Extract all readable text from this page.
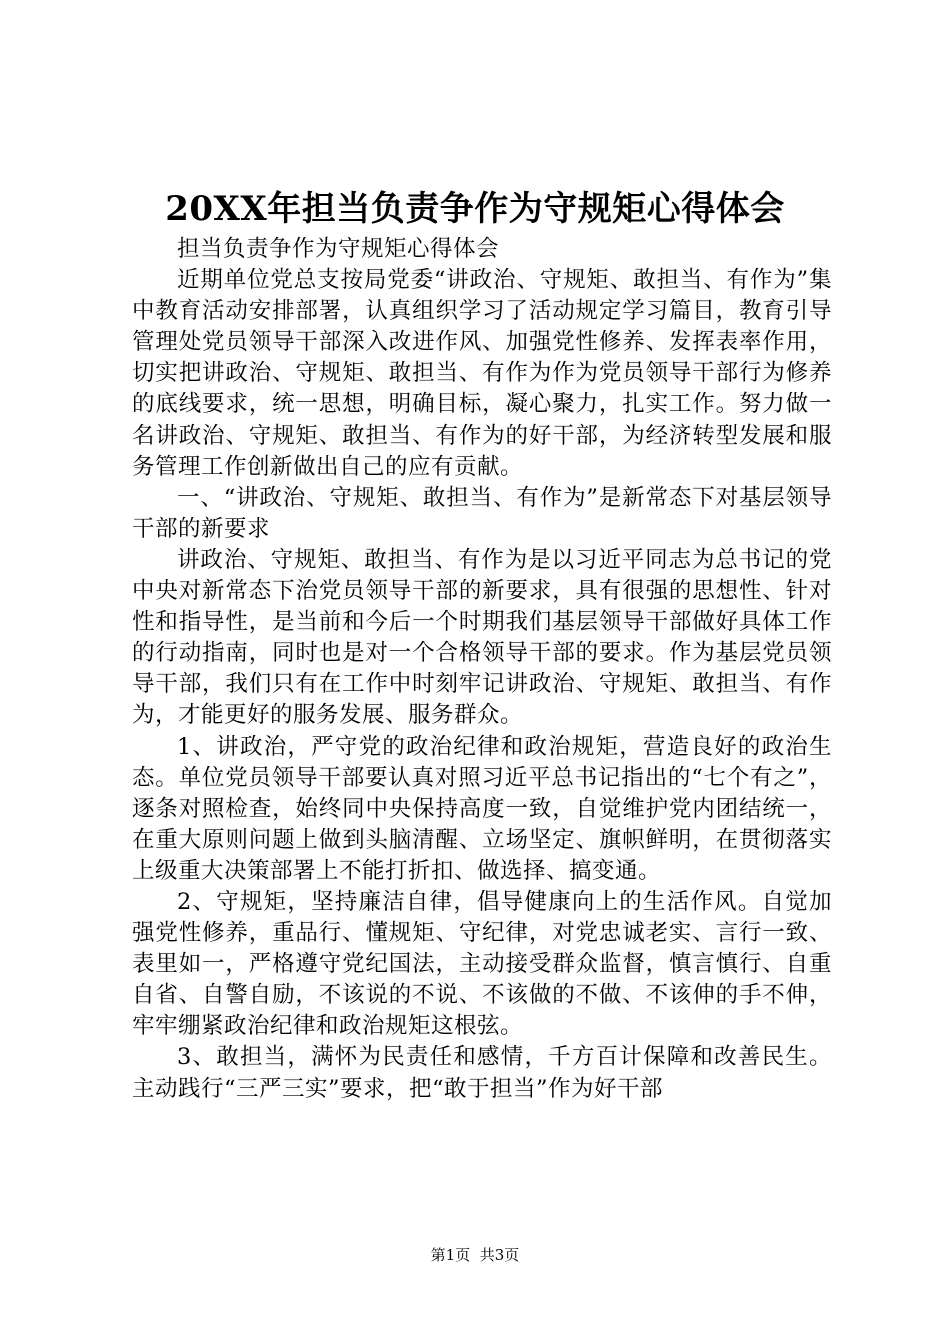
20XX年担当负责争作为守规矩心得体会

担当负责争作为守规矩心得体会

近期单位党总支按局党委“讲政治、守规矩、敢担当、有作为”集中教育活动安排部署，认真组织学习了活动规定学习篇目，教育引导管理处党员领导干部深入改进作风、加强党性修养、发挥表率作用，切实把讲政治、守规矩、敢担当、有作为作为党员领导干部行为修养的底线要求，统一思想，明确目标，凝心聚力，扎实工作。努力做一名讲政治、守规矩、敢担当、有作为的好干部，为经济转型发展和服务管理工作创新做出自己的应有贡献。

一、“讲政治、守规矩、敢担当、有作为”是新常态下对基层领导干部的新要求

讲政治、守规矩、敢担当、有作为是以习近平同志为总书记的党中央对新常态下治党员领导干部的新要求，具有很强的思想性、针对性和指导性，是当前和今后一个时期我们基层领导干部做好具体工作的行动指南，同时也是对一个合格领导干部的要求。作为基层党员领导干部，我们只有在工作中时刻牢记讲政治、守规矩、敢担当、有作为，才能更好的服务发展、服务群众。

1、讲政治，严守党的政治纪律和政治规矩，营造良好的政治生态。单位党员领导干部要认真对照习近平总书记指出的“七个有之”，逐条对照检查，始终同中央保持高度一致，自觉维护党内团结统一，在重大原则问题上做到头脑清醒、立场坚定、旗帜鲜明，在贯彻落实上级重大决策部署上不能打折扣、做选择、搞变通。

2、守规矩，坚持廉洁自律，倡导健康向上的生活作风。自觉加强党性修养，重品行、懂规矩、守纪律，对党忠诚老实、言行一致、表里如一，严格遵守党纪国法，主动接受群众监督，慎言慎行、自重自省、自警自励，不该说的不说、不该做的不做、不该伸的手不伸，牢牢绷紧政治纪律和政治规矩这根弦。

3、敢担当，满怀为民责任和感情，千方百计保障和改善民生。主动践行“三严三实”要求，把“敢于担当”作为好干部

第1页 共3页
